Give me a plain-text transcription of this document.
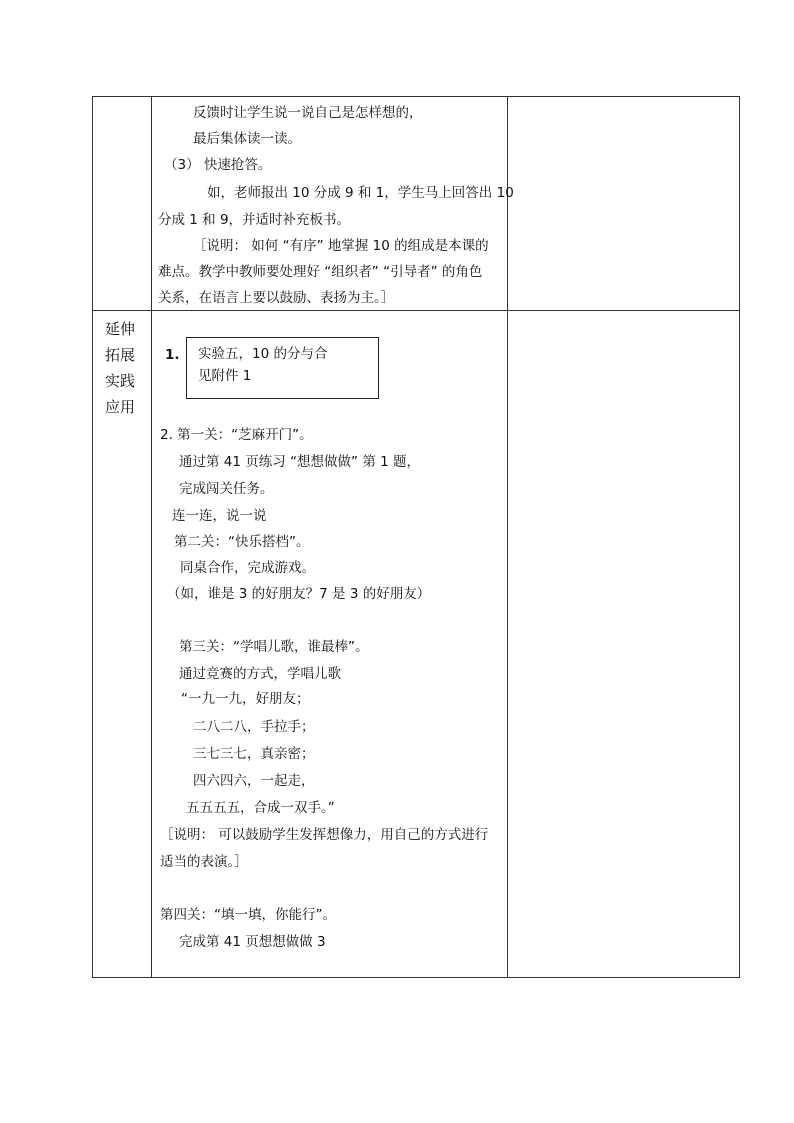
反馈时让学生说一说自己是怎样想的，
最后集体读一读。
（3） 快速抢答。
如，老师报出 10 分成 9 和 1，学生马上回答出 10
分成 1 和 9，并适时补充板书。
［说明： 如何 “有序” 地掌握 10 的组成是本课的
难点。教学中教师要处理好 “组织者” “引导者” 的角色
关系，在语言上要以鼓励、表扬为主。］
延伸
拓展
实践
应用
1. 实验五，10 的分与合
见附件 1
2. 第一关：“芝麻开门”。
通过第 41 页练习 “想想做做” 第 1 题，
完成闯关任务。
连一连，说一说
第二关：“快乐搭档”。
同桌合作，完成游戏。
（如，谁是 3 的好朋友？7 是 3 的好朋友）
第三关：“学唱儿歌，谁最棒”。
通过竞赛的方式，学唱儿歌
“一九一九，好朋友；
二八二八，手拉手；
三七三七，真亲密；
四六四六，一起走，
五五五五，合成一双手。”
［说明： 可以鼓励学生发挥想像力，用自己的方式进行
适当的表演。］
第四关：“填一填，你能行”。
完成第 41 页想想做做 3
